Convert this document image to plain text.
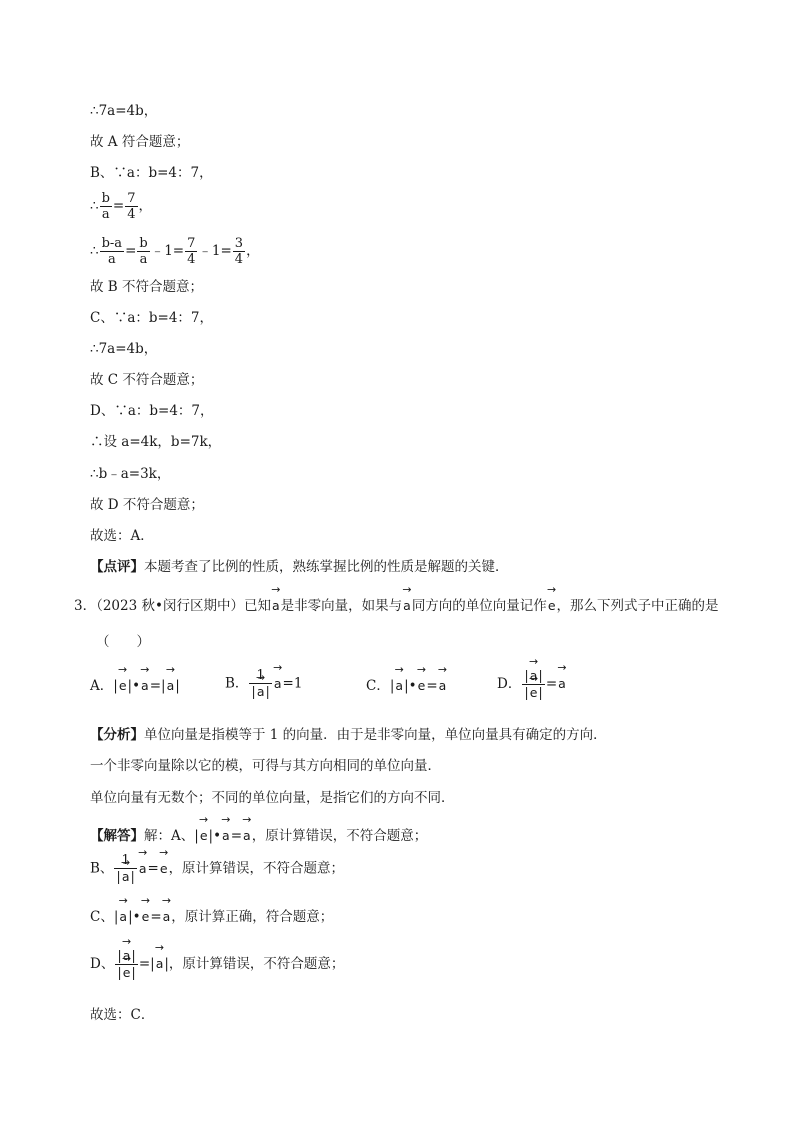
∴7a=4b，
故 A 符合题意；
B、∵a：b=4：7，
∴ $\frac{b}{a} = \frac{7}{4}$ ，
∴ $\frac{b-a}{a} = \frac{b}{a}$ ﹣1= $\frac{7}{4}$ ﹣1= $\frac{3}{4}$ ，
故 B 不符合题意；
C、∵a：b=4：7，
∴7a=4b，
故 C 不符合题意；
D、∵a：b=4：7，
∴设 a=4k，b=7k，
∴b﹣a=3k，
故 D 不符合题意；
故选：A．
【点评】本题考查了比例的性质，熟练掌握比例的性质是解题的关键．
3．（2023 秋•闵行区期中）已知→ a是非零向量，如果与→ a同方向的单位向量记作→ e，那么下列式子中正确的是
（　　）
A．|→ e|•→ a=|→ a|	B． $\frac{1}{|\to a|}$
→ a=1	C．|→ a|•→ e=→ a	D． $\frac{|\to a|}{|\to e|} =\to a$
【分析】单位向量是指模等于 1 的向量．由于是非零向量，单位向量具有确定的方向．
一个非零向量除以它的模，可得与其方向相同的单位向量．
单位向量有无数个；不同的单位向量，是指它们的方向不同．
【解答】解：A、|→ e|•→ a=→ a，原计算错误，不符合题意；
B、 $\frac{1}{|\to a|}$
→ a=→ e，原计算错误，不符合题意；
C、|→ a|•→ e=→ a，原计算正确，符合题意；
D、 $\frac{|\to a|}{|\to e|}$ =|→ a|，原计算错误，不符合题意；
故选：C．
